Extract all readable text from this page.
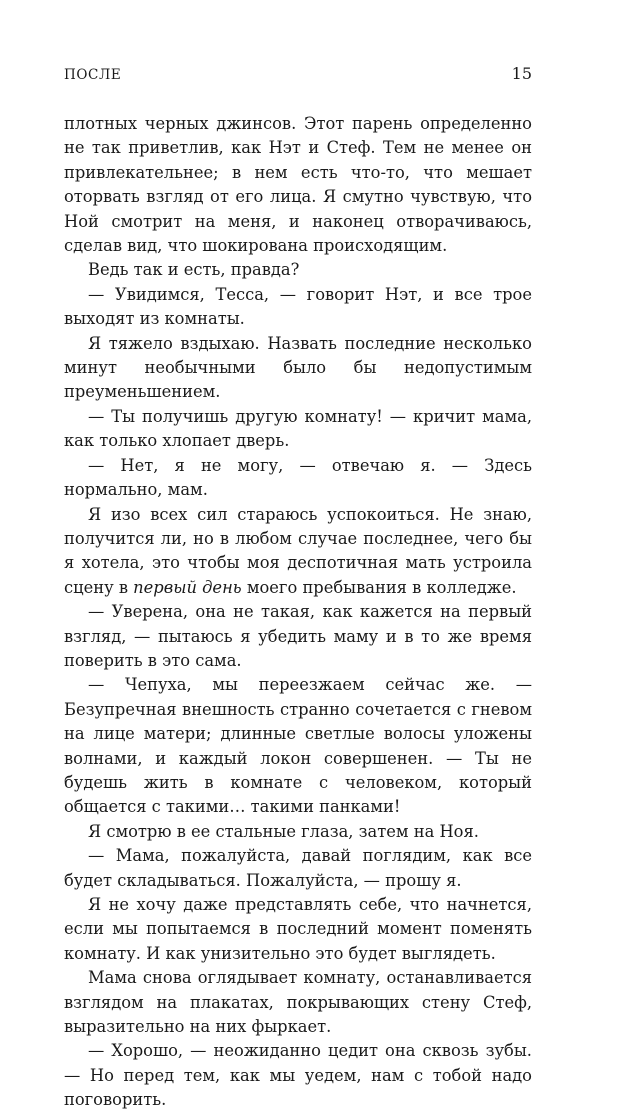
ПОСЛЕ	15

плотных черных джинсов. Этот парень определенно не так приветлив, как Нэт и Стеф. Тем не менее он привлекательнее; в нем есть что-то, что мешает оторвать взгляд от его лица. Я смутно чувствую, что Ной смотрит на меня, и наконец отворачиваюсь, сделав вид, что шокирована происходящим.

Ведь так и есть, правда?

— Увидимся, Тесса, — говорит Нэт, и все трое выходят из комнаты.

Я тяжело вздыхаю. Назвать последние несколько минут необычными было бы недопустимым преуменьшением.

— Ты получишь другую комнату! — кричит мама, как только хлопает дверь.

— Нет, я не могу, — отвечаю я. — Здесь нормально, мам.

Я изо всех сил стараюсь успокоиться. Не знаю, получится ли, но в любом случае последнее, чего бы я хотела, это чтобы моя деспотичная мать устроила сцену в первый день моего пребывания в колледже.

— Уверена, она не такая, как кажется на первый взгляд, — пытаюсь я убедить маму и в то же время поверить в это сама.

— Чепуха, мы переезжаем сейчас же. — Безупречная внешность странно сочетается с гневом на лице матери; длинные светлые волосы уложены волнами, и каждый локон совершенен. — Ты не будешь жить в комнате с человеком, который общается с такими… такими панками!

Я смотрю в ее стальные глаза, затем на Ноя.

— Мама, пожалуйста, давай поглядим, как все будет складываться. Пожалуйста, — прошу я.

Я не хочу даже представлять себе, что начнется, если мы попытаемся в последний момент поменять комнату. И как унизительно это будет выглядеть.

Мама снова оглядывает комнату, останавливается взглядом на плакатах, покрывающих стену Стеф, выразительно на них фыркает.

— Хорошо, — неожиданно цедит она сквозь зубы. — Но перед тем, как мы уедем, нам с тобой надо поговорить.
